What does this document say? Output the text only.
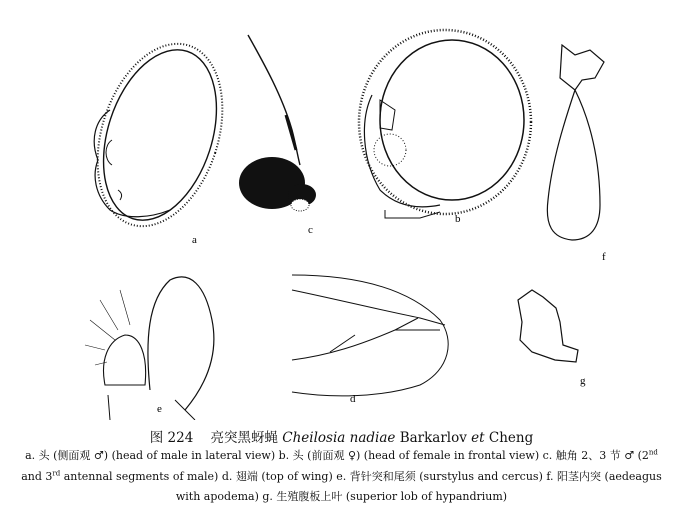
a
c
b
f
e
d
g
图 224 亮突黑蚜蝇 Cheilosia nadiae Barkarlov et Cheng
a. 头 (侧面观 ♂) (head of male in lateral view) b. 头 (前面观 ♀) (head of female in frontal view) c. 触角 2、3 节 ♂ (2nd
and 3rd antennal segments of male) d. 翅端 (top of wing) e. 背针突和尾须 (surstylus and cercus) f. 阳茎内突 (aedeagus
with apodema) g. 生殖腹板上叶 (superior lob of hypandrium)
